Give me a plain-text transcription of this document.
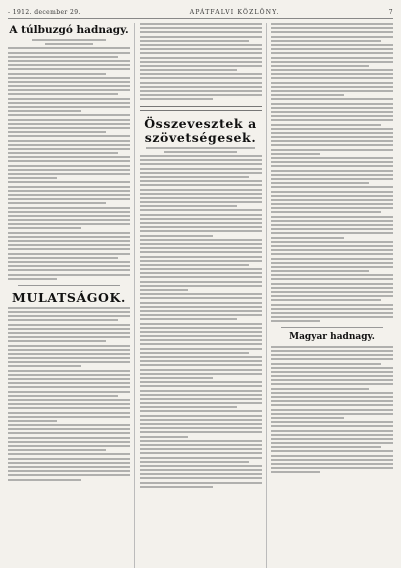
- 1912. december 29.	APÁTFALVI KÖZLÖNY.	7
A túlbuzgó hadnagy.
MULATSÁGOK.
Összevesztek a szövetségesek.
Magyar hadnagy.
